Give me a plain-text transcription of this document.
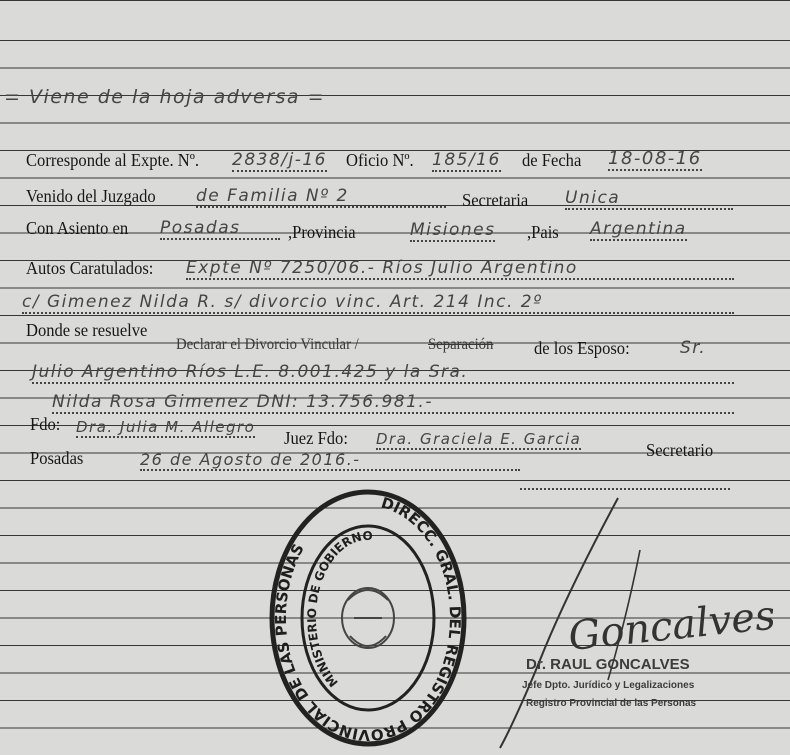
= Viene de la hoja adversa =
Corresponde al Expte. Nº. 2838/j-16 Oficio Nº. 185/16 de Fecha 18-08-16
Venido del Juzgado de Familia Nº 2	Secretaria Unica
Con Asiento en Posadas	,Provincia	Misiones ,Pais Argentina
Autos Caratulados: Expte Nº 7250/06.- Ríos Julio Argentino
c/ Gimenez Nilda R. s/ divorcio vinc. Art. 214 Inc. 2º
Donde se resuelve
Declarar el Divorcio Vincular /	Separación de los Esposo:	Sr.
Julio Argentino Ríos L.E. 8.001.425 y la Sra.
Nilda Rosa Gimenez DNI: 13.756.981.-
Fdo: Dra. Julia M. Allegro
Juez Fdo: Dra. Graciela E. Garcia
Secretario
Posadas	26 de Agosto de 2016.-
DIRECC. GRAL. DEL REGISTRO PROVINCIAL DE LAS PERSONAS
MINISTERIO DE GOBIERNO
Goncalves
Dr. RAUL GONCALVES
Jefe Dpto. Jurídico y Legalizaciones
Registro Provincial de las Personas
